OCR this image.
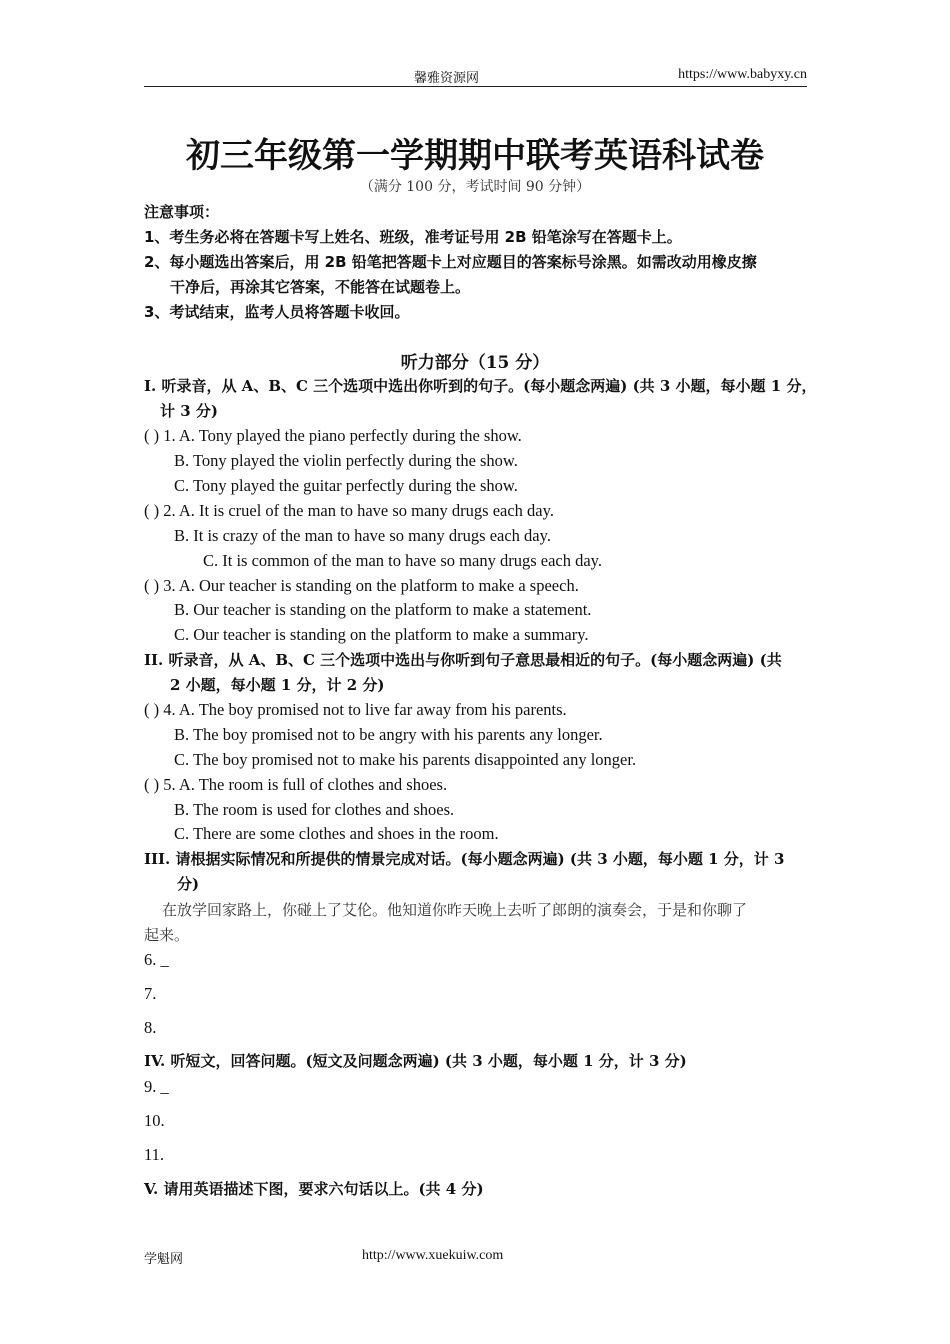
馨雅资源网	https://www.babyxy.cn
初三年级第一学期期中联考英语科试卷
（满分 100 分，考试时间 90 分钟）
注意事项：
1、考生务必将在答题卡写上姓名、班级，准考证号用 2B 铅笔涂写在答题卡上。
2、每小题选出答案后，用 2B 铅笔把答题卡上对应题目的答案标号涂黑。如需改动用橡皮擦
干净后，再涂其它答案，不能答在试题卷上。
3、考试结束，监考人员将答题卡收回。
听力部分（15 分）
I. 听录音，从 A、B、C 三个选项中选出你听到的句子。(每小题念两遍) (共 3 小题，每小题 1 分，
计 3 分)
( ) 1. A. Tony played the piano perfectly during the show.
B. Tony played the violin perfectly during the show.
C. Tony played the guitar perfectly during the show.
( ) 2. A. It is cruel of the man to have so many drugs each day.
B. It is crazy of the man to have so many drugs each day.
C. It is common of the man to have so many drugs each day.
( ) 3. A. Our teacher is standing on the platform to make a speech.
B. Our teacher is standing on the platform to make a statement.
C. Our teacher is standing on the platform to make a summary.
II. 听录音，从 A、B、C 三个选项中选出与你听到句子意思最相近的句子。(每小题念两遍) (共
2 小题，每小题 1 分，计 2 分)
( ) 4. A. The boy promised not to live far away from his parents.
B. The boy promised not to be angry with his parents any longer.
C. The boy promised not to make his parents disappointed any longer.
( ) 5. A. The room is full of clothes and shoes.
B. The room is used for clothes and shoes.
C. There are some clothes and shoes in the room.
III. 请根据实际情况和所提供的情景完成对话。(每小题念两遍) (共 3 小题，每小题 1 分，计 3
分)
在放学回家路上，你碰上了艾伦。他知道你昨天晚上去听了郎朗的演奏会，于是和你聊了
起来。
6. _
7.
8.
IV. 听短文，回答问题。(短文及问题念两遍) (共 3 小题，每小题 1 分，计 3 分)
9. _
10.
11.
V. 请用英语描述下图，要求六句话以上。(共 4 分)
学魁网	http://www.xuekuiw.com
